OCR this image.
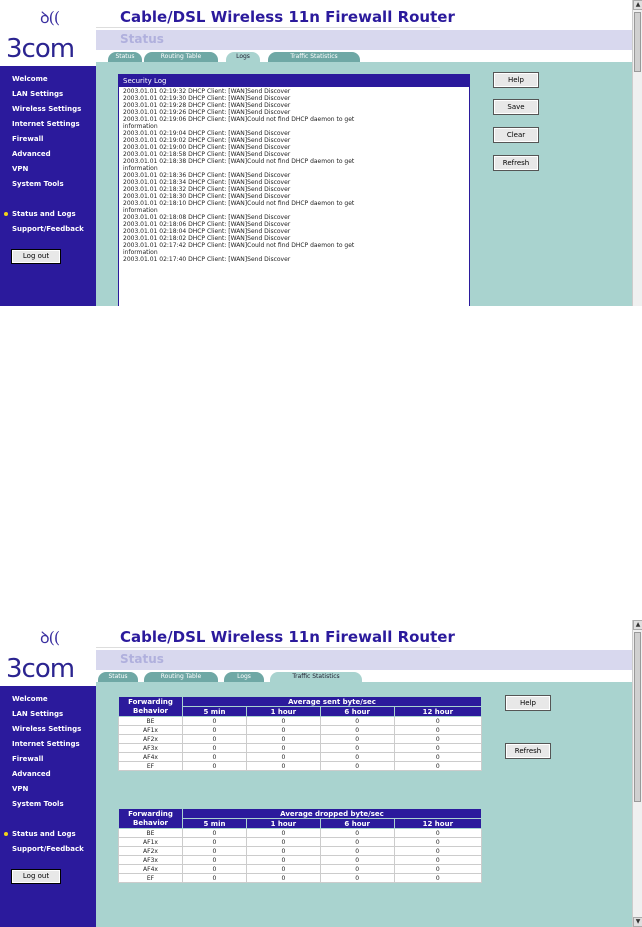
ꝺ((
3com
Welcome
LAN Settings
Wireless Settings
Internet Settings
Firewall
Advanced
VPN
System Tools
Status and Logs
Support/Feedback
Log out
Cable/DSL Wireless 11n Firewall Router
Status
Status	Routing Table	Logs	Traffic Statistics
Security Log
2003.01.01 02:19:32 DHCP Client: [WAN]Send Discover
2003.01.01 02:19:30 DHCP Client: [WAN]Send Discover
2003.01.01 02:19:28 DHCP Client: [WAN]Send Discover
2003.01.01 02:19:26 DHCP Client: [WAN]Send Discover
2003.01.01 02:19:06 DHCP Client: [WAN]Could not find DHCP daemon to get
information
2003.01.01 02:19:04 DHCP Client: [WAN]Send Discover
2003.01.01 02:19:02 DHCP Client: [WAN]Send Discover
2003.01.01 02:19:00 DHCP Client: [WAN]Send Discover
2003.01.01 02:18:58 DHCP Client: [WAN]Send Discover
2003.01.01 02:18:38 DHCP Client: [WAN]Could not find DHCP daemon to get
information
2003.01.01 02:18:36 DHCP Client: [WAN]Send Discover
2003.01.01 02:18:34 DHCP Client: [WAN]Send Discover
2003.01.01 02:18:32 DHCP Client: [WAN]Send Discover
2003.01.01 02:18:30 DHCP Client: [WAN]Send Discover
2003.01.01 02:18:10 DHCP Client: [WAN]Could not find DHCP daemon to get
information
2003.01.01 02:18:08 DHCP Client: [WAN]Send Discover
2003.01.01 02:18:06 DHCP Client: [WAN]Send Discover
2003.01.01 02:18:04 DHCP Client: [WAN]Send Discover
2003.01.01 02:18:02 DHCP Client: [WAN]Send Discover
2003.01.01 02:17:42 DHCP Client: [WAN]Could not find DHCP daemon to get
information
2003.01.01 02:17:40 DHCP Client: [WAN]Send Discover
Help
Save
Clear
Refresh
▲
ꝺ((
3com
Welcome
LAN Settings
Wireless Settings
Internet Settings
Firewall
Advanced
VPN
System Tools
Status and Logs
Support/Feedback
Log out
Cable/DSL Wireless 11n Firewall Router
Status
Status	Routing Table	Logs	Traffic Statistics
Forwarding Behavior	Average sent byte/sec			
	5 min	1 hour	6 hour	12 hour
BE	0	0	0	0
AF1x	0	0	0	0
AF2x	0	0	0	0
AF3x	0	0	0	0
AF4x	0	0	0	0
EF	0	0	0	0
Forwarding Behavior	Average dropped byte/sec			
	5 min	1 hour	6 hour	12 hour
BE	0	0	0	0
AF1x	0	0	0	0
AF2x	0	0	0	0
AF3x	0	0	0	0
AF4x	0	0	0	0
EF	0	0	0	0
Help
Refresh
▲
▼
